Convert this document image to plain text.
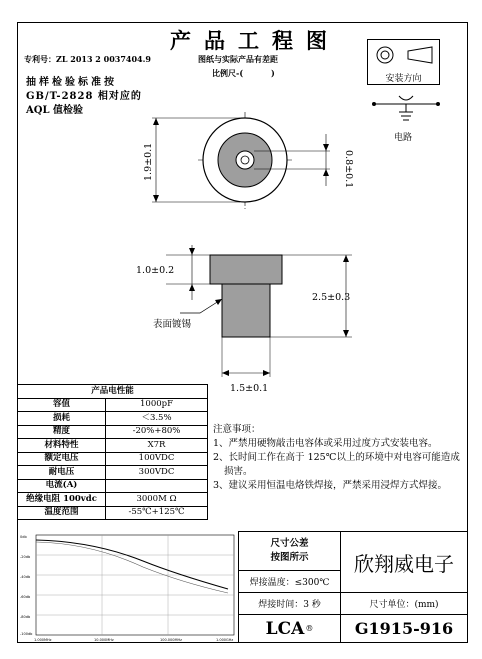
产品工程图
专利号：ZL 2013 2 0037404.9	图纸与实际产品有差距
比例尺-(          )
抽样检验标准按
GB/T-2828 相对应的
AQL 值检验
安装方向
电路
1.9±0.1	0.8±0.1
1.0±0.2
2.5±0.3
1.5±0.1
表面镀锡
产品电性能	
容值	1000pF
损耗	＜3.5%
精度	-20%+80%
材料特性	X7R
额定电压	100VDC
耐电压	300VDC
电流(A)	
绝缘电阻 100vdc	3000M Ω
温度范围	-55℃+125℃
注意事项：
1、严禁用硬物敲击电容体或采用过度方式安装电容。
2、长时间工作在高于 125℃以上的环境中对电容可能造成损害。
3、建议采用恒温电烙铁焊接，严禁采用浸焊方式焊接。
0db
-20db
-40db
-60db
-80db
-100db
1.000MHz	10.000MHz	100.000MHz	1.000GHz
尺寸公差
按图所示 欣翔威电子
焊接温度：≤300℃
焊接时间：3 秒	尺寸单位：(mm)
LCA ®	G1915-916
